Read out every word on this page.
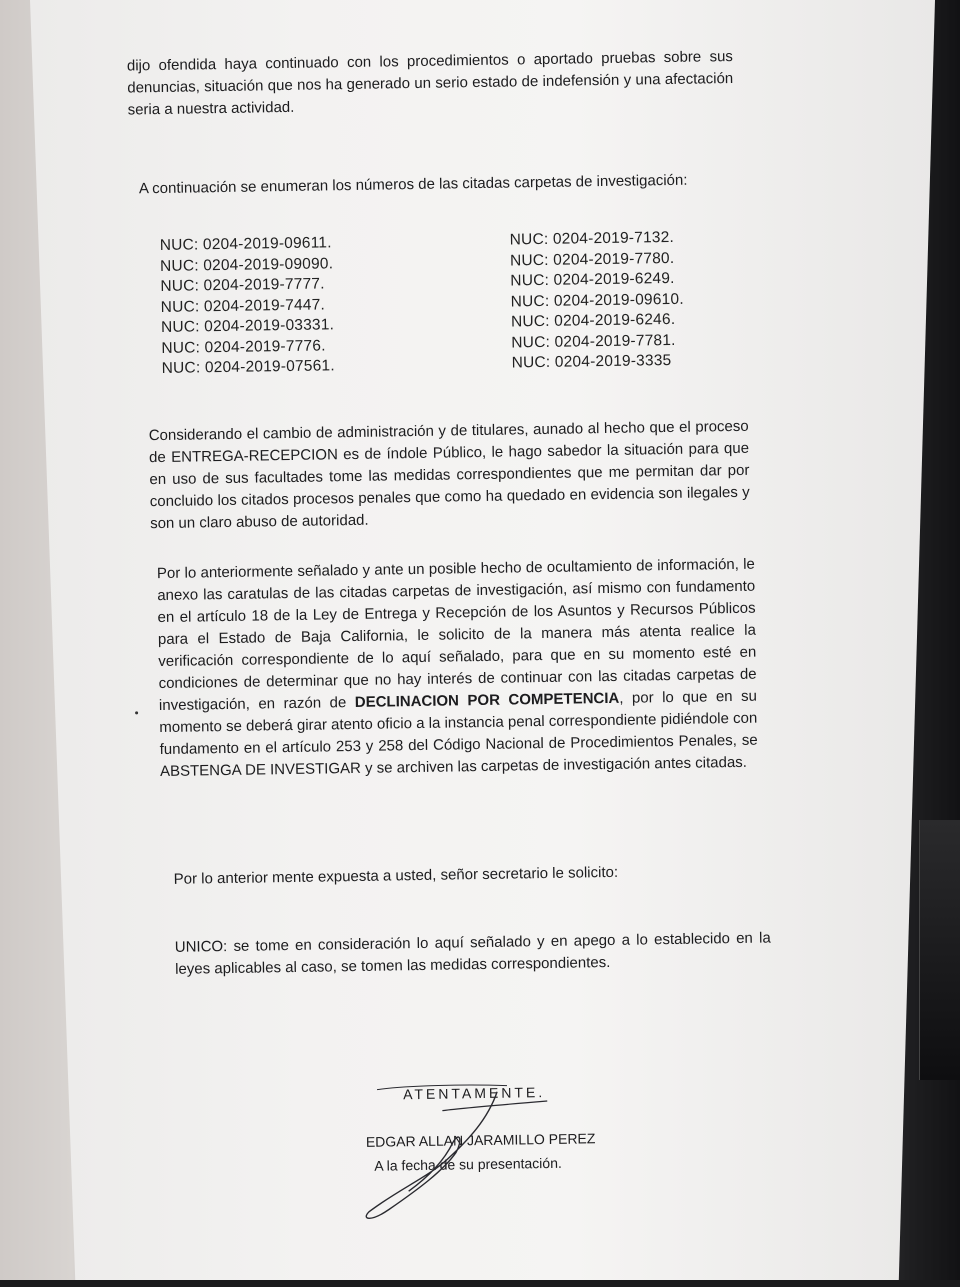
dijo ofendida haya continuado con los procedimientos o aportado pruebas sobre sus denuncias, situación que nos ha generado un serio estado de indefensión y una afectación seria a nuestra actividad.

A continuación se enumeran los números de las citadas carpetas de investigación:
NUC: 0204-2019-09611.
NUC: 0204-2019-09090.
NUC: 0204-2019-7777.
NUC: 0204-2019-7447.
NUC: 0204-2019-03331.
NUC: 0204-2019-7776.
NUC: 0204-2019-07561.
NUC: 0204-2019-7132.
NUC: 0204-2019-7780.
NUC: 0204-2019-6249.
NUC: 0204-2019-09610.
NUC: 0204-2019-6246.
NUC: 0204-2019-7781.
NUC: 0204-2019-3335

Considerando el cambio de administración y de titulares, aunado al hecho que el proceso de ENTREGA-RECEPCION es de índole Público, le hago sabedor la situación para que en uso de sus facultades tome las medidas correspondientes que me permitan dar por concluido los citados procesos penales que como ha quedado en evidencia son ilegales y son un claro abuso de autoridad.

Por lo anteriormente señalado y ante un posible hecho de ocultamiento de información, le anexo las caratulas de las citadas carpetas de investigación, así mismo con fundamento en el artículo 18 de la Ley de Entrega y Recepción de los Asuntos y Recursos Públicos para el Estado de Baja California, le solicito de la manera más atenta realice la verificación correspondiente de lo aquí señalado, para que en su momento esté en condiciones de determinar que no hay interés de continuar con las citadas carpetas de investigación, en razón de DECLINACION POR COMPETENCIA, por lo que en su momento se deberá girar atento oficio a la instancia penal correspondiente pidiéndole con fundamento en el artículo 253 y 258 del Código Nacional de Procedimientos Penales, se ABSTENGA DE INVESTIGAR y se archiven las carpetas de investigación antes citadas.

Por lo anterior mente expuesta a usted, señor secretario le solicito:

UNICO: se tome en consideración lo aquí señalado y en apego a lo establecido en la leyes aplicables al caso, se tomen las medidas correspondientes.

ATENTAMENTE.
EDGAR ALLAN JARAMILLO PEREZ
A la fecha de su presentación.
